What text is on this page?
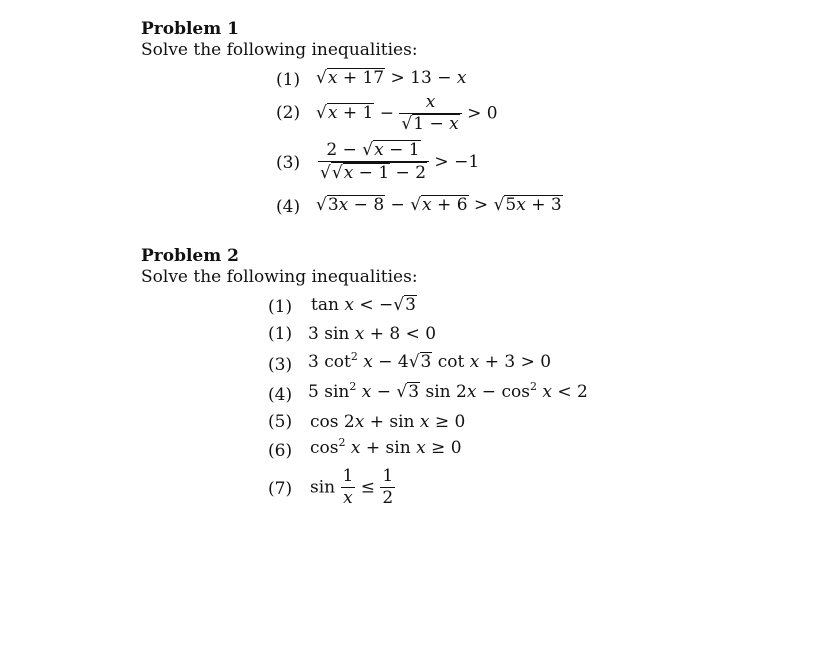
Problem 1
Solve the following inequalities:
(1) √x + 17 > 13 − x
(2) $√x + 1 - \frac{x}{√1 - x} > 0$
$(3) \frac{2 - √x - 1}{√√x - 1 - 2} > -1$
(4) √3x − 8 − √x + 6 > √5x + 3
Problem 2
Solve the following inequalities:
(1) tan x < −√3
(1) 3 sin x + 8 < 0
(3) 3 $\cot^2 x - 4√3$ cot x + 3 > 0
(4) 5 $\sin^2 x - √3$ $\sin 2x - \cos^2 x < 2$
(5) cos 2x + sin x ≥ 0
(6) $\cos^2 x + \sin x \ge 0$
(7) $\sin \frac{1}{x} \le \frac{1}{2}$
